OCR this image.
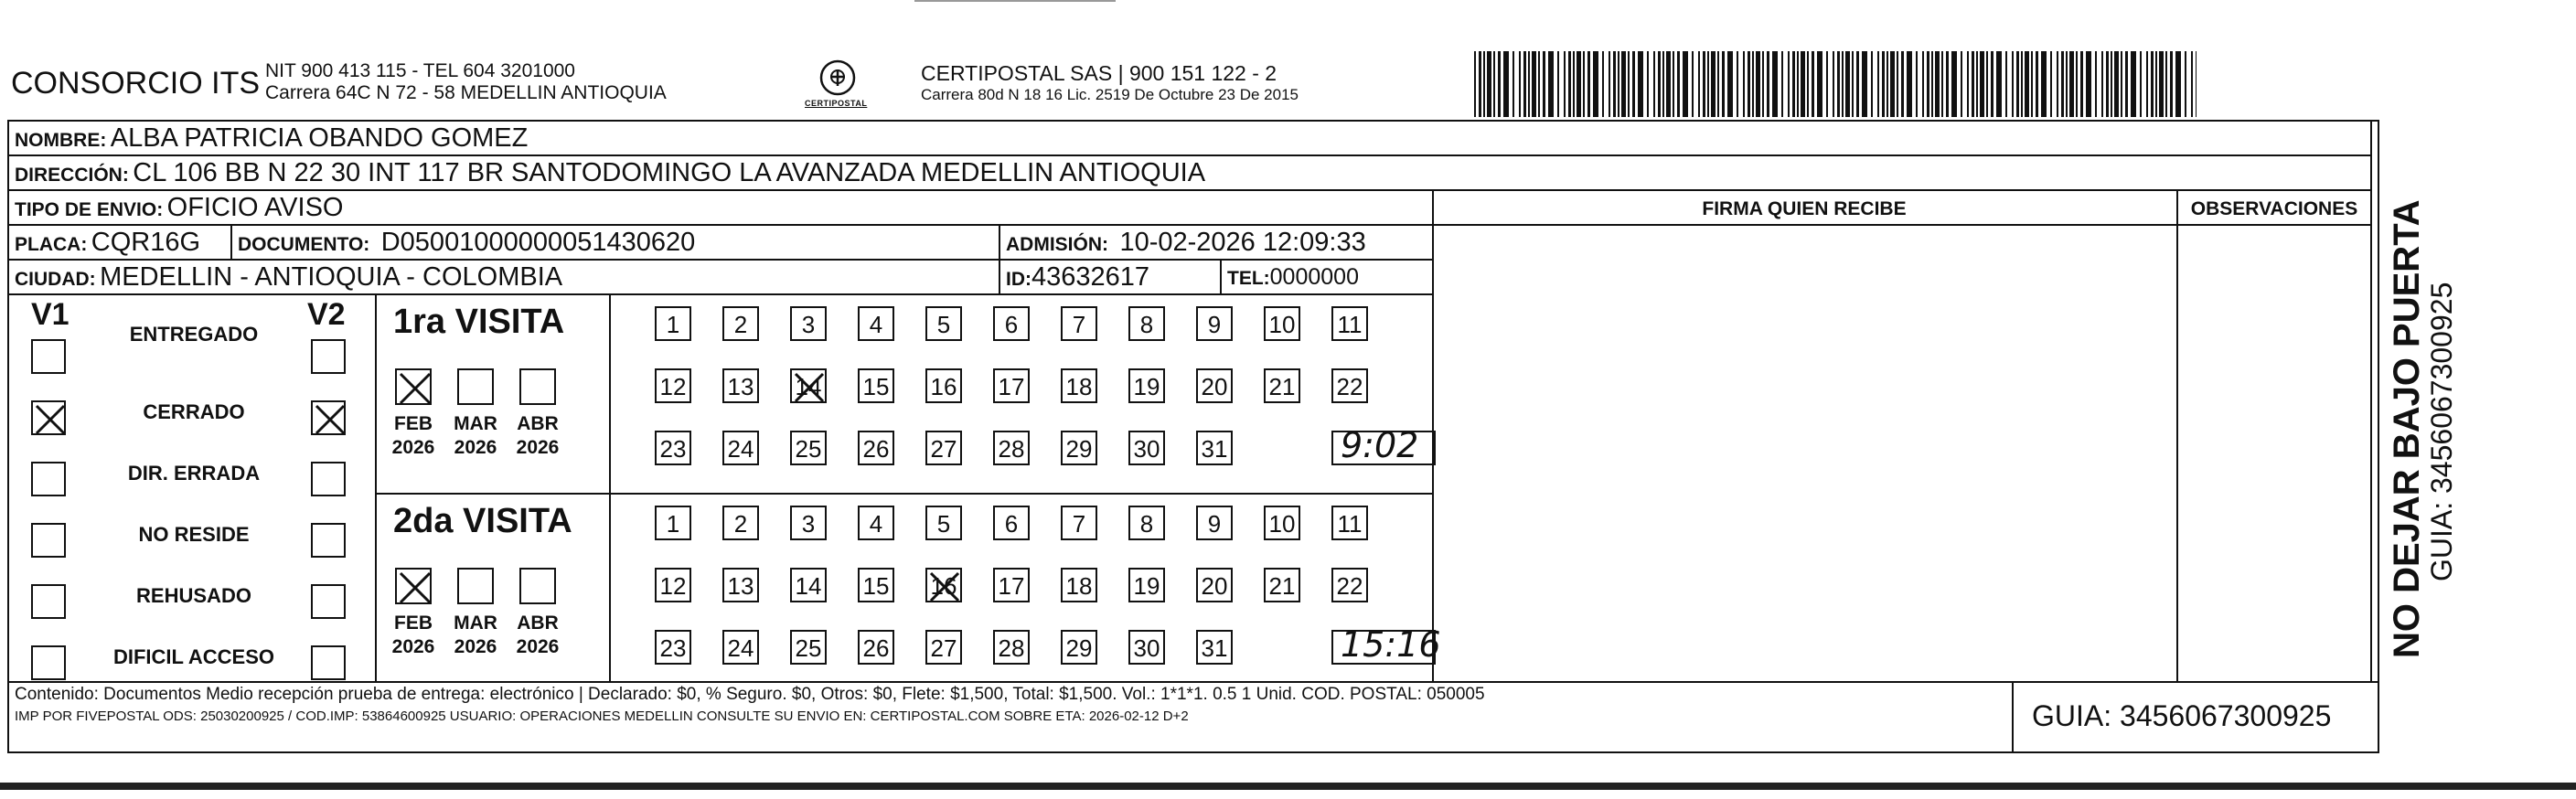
CONSORCIO ITS NIT 900 413 115 - TEL 604 3201000
Carrera 64C N 72 - 58 MEDELLIN ANTIOQUIA	CERTIPOSTAL
CERTIPOSTAL SAS | 900 151 122 - 2
Carrera 80d N 18 16 Lic. 2519 De Octubre 23 De 2015
NOMBRE: ALBA PATRICIA OBANDO GOMEZ
DIRECCIÓN: CL 106 BB N 22 30 INT 117 BR SANTODOMINGO LA AVANZADA MEDELLIN ANTIOQUIA
TIPO DE ENVIO: OFICIO AVISO	FIRMA QUIEN RECIBE	OBSERVACIONES
PLACA: CQR16G DOCUMENTO: D05001000000051430620	ADMISIÓN: 10-02-2026 12:09:33
CIUDAD: MEDELLIN - ANTIOQUIA - COLOMBIA	ID:43632617	TEL:0000000
V1	V2
ENTREGADO
CERRADO
DIR. ERRADA
NO RESIDE
REHUSADO
DIFICIL ACCESO
1ra VISITA
FEB
2026
MAR
2026
ABR
2026
1	2	3	4	5	6	7	8	9	10 11
12 13 14 15 16 17 18 19 20 21 22
23 24 25 26 27 28 29 30 31	9:02
2da VISITA
FEB
2026
MAR
2026
ABR
2026
1	2	3	4	5	6	7	8	9	10 11
12 13 14 15 16 17 18 19 20 21 22
23 24 25 26 27 28 29 30 31	15:16
Contenido: Documentos Medio recepción prueba de entrega: electrónico | Declarado: $0, % Seguro. $0, Otros: $0, Flete: $1,500, Total: $1,500. Vol.: 1*1*1. 0.5 1 Unid. COD. POSTAL: 050005
IMP POR FIVEPOSTAL ODS: 25030200925 / COD.IMP: 53864600925 USUARIO: OPERACIONES MEDELLIN CONSULTE SU ENVIO EN: CERTIPOSTAL.COM SOBRE ETA: 2026-02-12 D+2	GUIA: 3456067300925
NO DEJAR BAJO PUERTA
GUIA: 3456067300925
